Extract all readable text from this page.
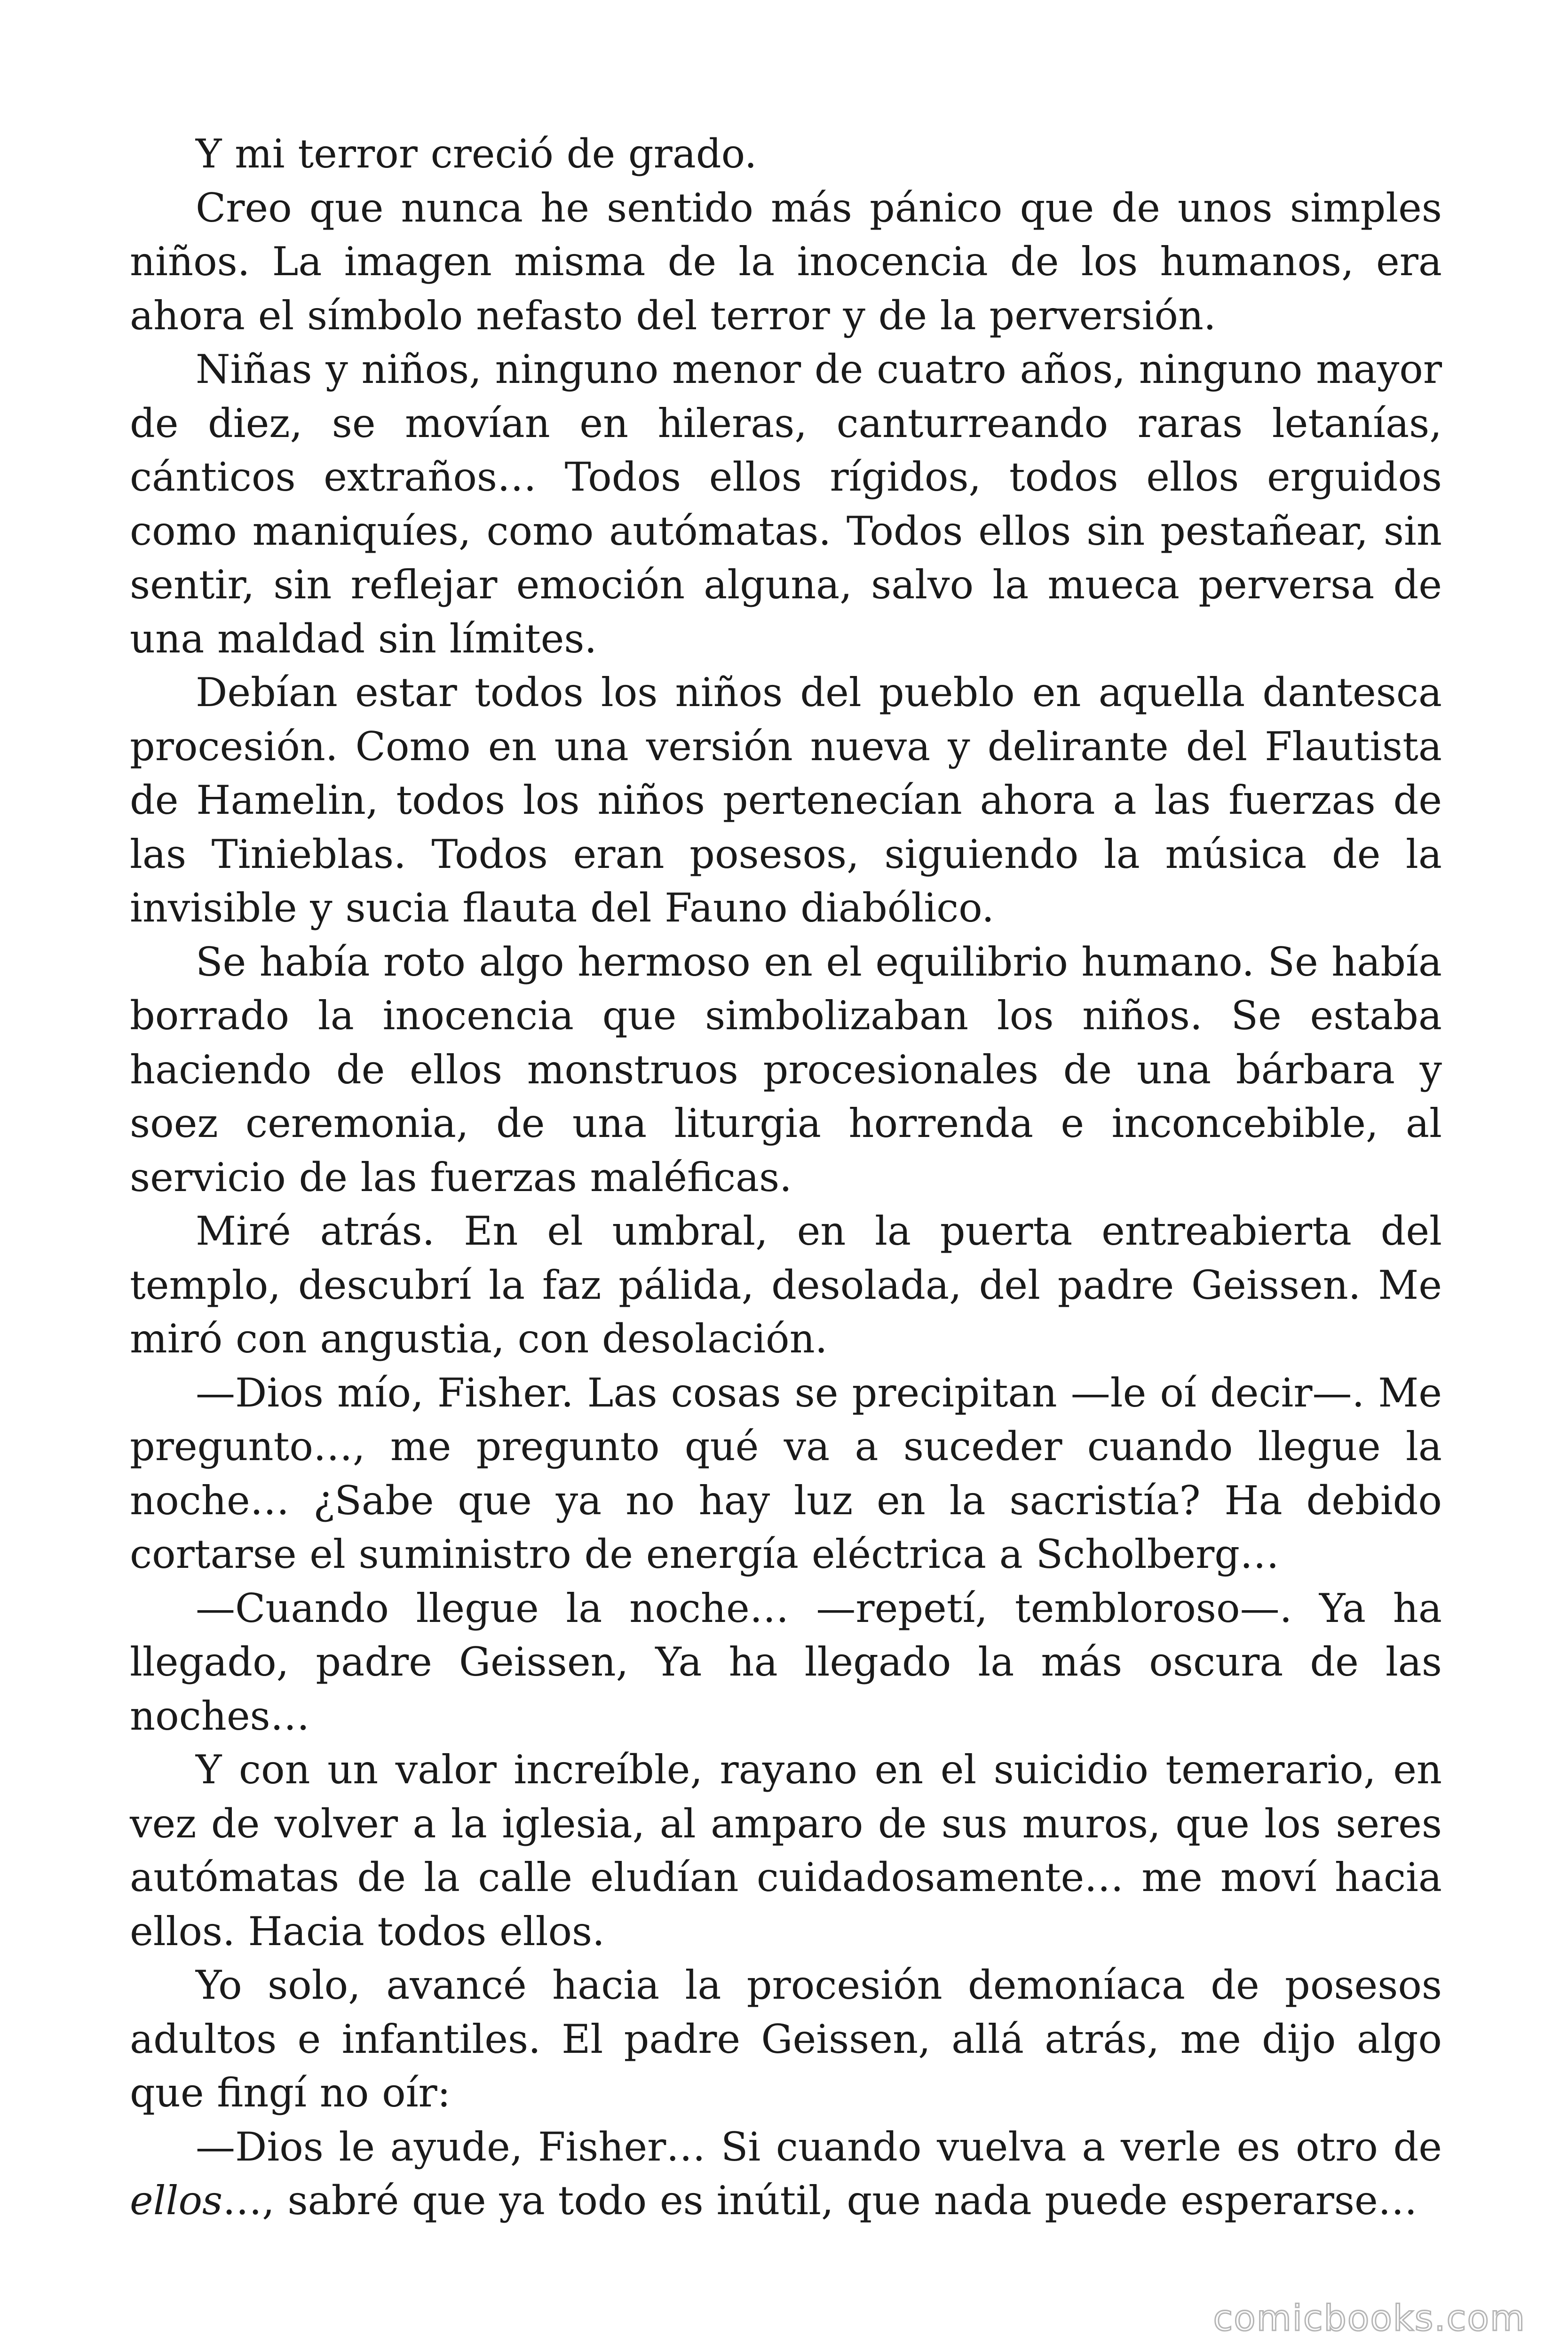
Y mi terror creció de grado.

Creo que nunca he sentido más pánico que de unos simples niños. La imagen misma de la inocencia de los humanos, era ahora el símbolo nefasto del terror y de la perversión.

Niñas y niños, ninguno menor de cuatro años, ninguno mayor de diez, se movían en hileras, canturreando raras letanías, cánticos extraños… Todos ellos rígidos, todos ellos erguidos como maniquíes, como autómatas. Todos ellos sin pestañear, sin sentir, sin reflejar emoción alguna, salvo la mueca perversa de una maldad sin límites.

Debían estar todos los niños del pueblo en aquella dantesca procesión. Como en una versión nueva y delirante del Flautista de Hamelin, todos los niños pertenecían ahora a las fuerzas de las Tinieblas. Todos eran posesos, siguiendo la música de la invisible y sucia flauta del Fauno diabólico.

Se había roto algo hermoso en el equilibrio humano. Se había borrado la inocencia que simbolizaban los niños. Se estaba haciendo de ellos monstruos procesionales de una bárbara y soez ceremonia, de una liturgia horrenda e inconcebible, al servicio de las fuerzas maléficas.

Miré atrás. En el umbral, en la puerta entreabierta del templo, descubrí la faz pálida, desolada, del padre Geissen. Me miró con angustia, con desolación.

—Dios mío, Fisher. Las cosas se precipitan —le oí decir—. Me pregunto…, me pregunto qué va a suceder cuando llegue la noche… ¿Sabe que ya no hay luz en la sacristía? Ha debido cortarse el suministro de energía eléctrica a Scholberg…

—Cuando llegue la noche… —repetí, tembloroso—. Ya ha llegado, padre Geissen, Ya ha llegado la más oscura de las noches…

Y con un valor increíble, rayano en el suicidio temerario, en vez de volver a la iglesia, al amparo de sus muros, que los seres autómatas de la calle eludían cuidadosamente… me moví hacia ellos. Hacia todos ellos.

Yo solo, avancé hacia la procesión demoníaca de posesos adultos e infantiles. El padre Geissen, allá atrás, me dijo algo que fingí no oír:

—Dios le ayude, Fisher… Si cuando vuelva a verle es otro de ellos…, sabré que ya todo es inútil, que nada puede esperarse…

comicbooks.com
